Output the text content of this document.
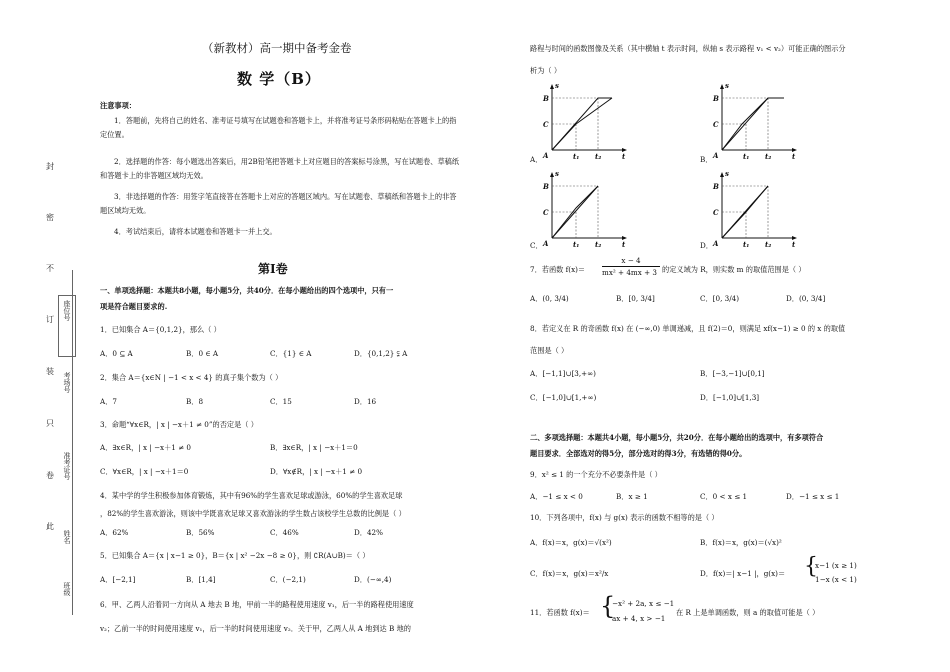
封
密
不
订
装
只
卷
此
座位号
考场号
准考证号
姓名
班级
（新教材）高一期中备考金卷
数 学（B）
注意事项：
1．答题前，先将自己的姓名、准考证号填写在试题卷和答题卡上，并将准考证号条形码粘贴在答题卡上的指定位置。
2．选择题的作答：每小题选出答案后，用2B铅笔把答题卡上对应题目的答案标号涂黑，写在试题卷、草稿纸和答题卡上的非答题区域均无效。
3．非选择题的作答：用签字笔直接答在答题卡上对应的答题区域内。写在试题卷、草稿纸和答题卡上的非答题区域均无效。
4．考试结束后，请将本试题卷和答题卡一并上交。
第Ⅰ卷
一、单项选择题：本题共8小题，每小题5分，共40分．在每小题给出的四个选项中，只有一
项是符合题目要求的.
1．已知集合 A＝{0,1,2}，那么（ ）
A．0 ⊆ A	B．0 ∈ A	C．{1} ∈ A	D．{0,1,2} ⫋ A
2．集合 A＝{x∈N | −1 < x < 4} 的真子集个数为（ ）
A．7	B．8	C．15	D．16
3．命题“∀x∈R，| x | −x＋1 ≠ 0”的否定是（ ）
A．∃x∈R，| x | −x＋1 ≠ 0	B．∃x∈R，| x | −x＋1＝0
C．∀x∈R，| x | −x＋1＝0	D．∀x∉R，| x | −x＋1 ≠ 0
4．某中学的学生积极参加体育锻炼，其中有96%的学生喜欢足球或游泳，60%的学生喜欢足球
，82%的学生喜欢游泳，则该中学既喜欢足球又喜欢游泳的学生数占该校学生总数的比例是（ ）
A．62%	B．56%	C．46%	D．42%
5．已知集合 A＝{x | x−1 ≥ 0}，B＝{x | x² −2x −8 ≥ 0}，则 ∁R(A∪B)＝（ ）
A．[−2,1]	B．[1,4]	C．(−2,1)	D．(−∞,4)
6．甲、乙两人沿着同一方向从 A 地去 B 地，甲前一半的路程使用速度 v₁，后一半的路程使用速度
v₂；乙前一半的时间使用速度 v₁，后一半的时间使用速度 v₂．关于甲，乙两人从 A 地到达 B 地的
路程与时间的函数图像及关系（其中横轴 t 表示时间，纵轴 s 表示路程 v₁ < v₂）可能正确的图示分
析为（ ）
s
t
B
C
A	t₁ t₂
s
t
B
C
A	t₁ t₂
s
t
B
C
A	t₁ t₂
s
t
B
C
A	t₁ t₂
A．	B．
C．	D．
7．若函数 f(x)＝
x − 4
mx² + 4mx + 3 的定义域为 R，则实数 m 的取值范围是（ ）
A．(0, 3/4)	B．[0, 3/4]	C．[0, 3/4)	D．(0, 3/4]
8．若定义在 R 的奇函数 f(x) 在 (−∞,0) 单调递减，且 f(2)＝0，则满足 xf(x−1) ≥ 0 的 x 的取值
范围是（ ）
A．[−1,1]∪[3,+∞)	B．[−3,−1]∪[0,1]
C．[−1,0]∪[1,+∞)	D．[−1,0]∪[1,3]
二、多项选择题：本题共4小题，每小题5分，共20分．在每小题给出的选项中，有多项符合
题目要求．全部选对的得5分，部分选对的得3分，有选错的得0分。
9．x² ≤ 1 的一个充分不必要条件是（ ）
A．−1 ≤ x < 0	B．x ≥ 1	C．0 < x ≤ 1	D．−1 ≤ x ≤ 1
10．下列各项中，f(x) 与 g(x) 表示的函数不相等的是（ ）
A．f(x)＝x，g(x)＝√(x²)	B．f(x)＝x，g(x)＝(√x)²
C．f(x)＝x，g(x)＝x²/x	D．f(x)＝| x−1 |，g(x)＝ {
x−1 (x ≥ 1)
1−x (x < 1)
11．若函数 f(x)＝ {
−x² + 2a, x ≤ −1
ax + 4, x > −1
在 R 上是单调函数，则 a 的取值可能是（ ）
